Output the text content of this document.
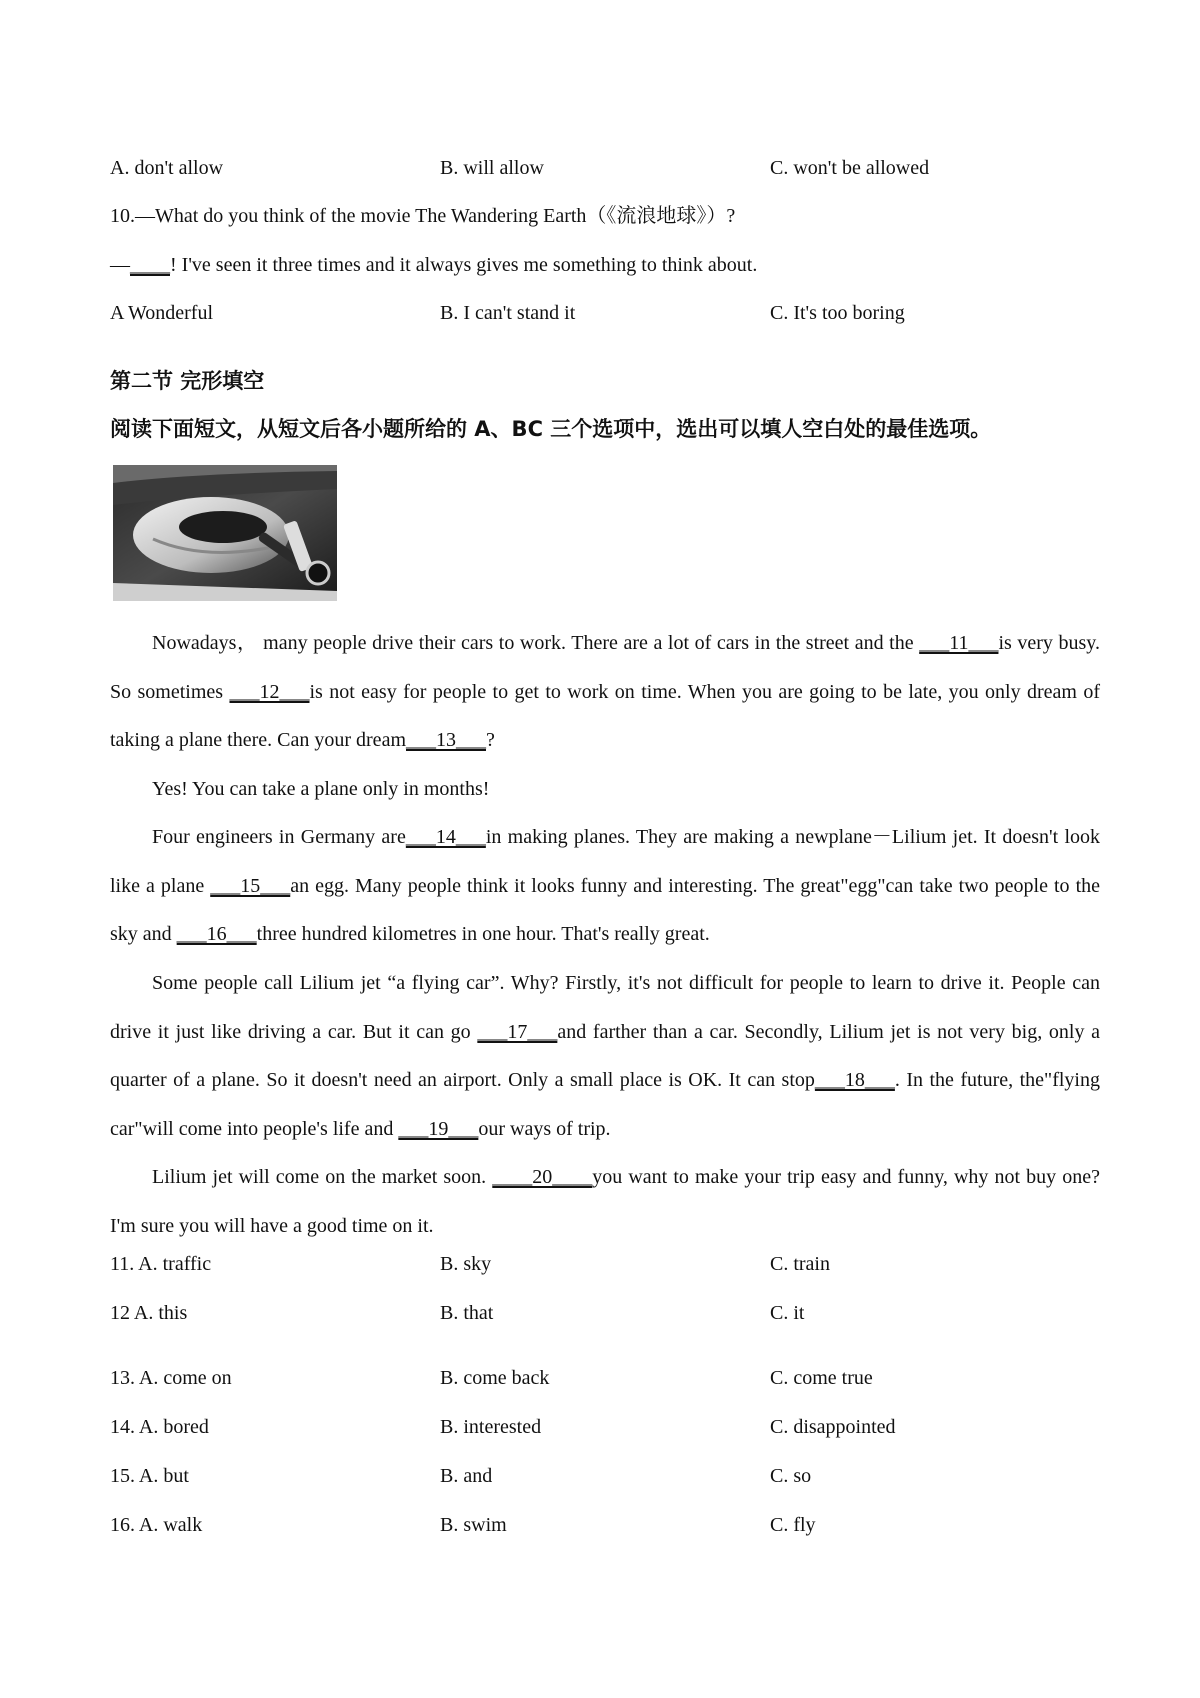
A. don't allow	B. will allow	C. won't be allowed
10.—What do you think of the movie The Wandering Earth（《流浪地球》）?
—____! I've seen it three times and it always gives me something to think about.
A Wonderful	B. I can't stand it	C. It's too boring
第二节 完形填空
阅读下面短文，从短文后各小题所给的 A、BC 三个选项中，选出可以填人空白处的最佳选项。
Nowadays， many people drive their cars to work. There are a lot of cars in the street and the ___11___is very busy. So sometimes ___12___is not easy for people to get to work on time. When you are going to be late, you only dream of taking a plane there. Can your dream___13___?
Yes! You can take a plane only in months!
Four engineers in Germany are___14___in making planes. They are making a newplane－Lilium jet. It doesn't look like a plane ___15___an egg. Many people think it looks funny and interesting. The great"egg"can take two people to the sky and ___16___three hundred kilometres in one hour. That's really great.
Some people call Lilium jet “a flying car”. Why? Firstly, it's not difficult for people to learn to drive it. People can drive it just like driving a car. But it can go ___17___and farther than a car. Secondly, Lilium jet is not very big, only a quarter of a plane. So it doesn't need an airport. Only a small place is OK. It can stop___18___. In the future, the"flying car"will come into people's life and ___19___our ways of trip.
Lilium jet will come on the market soon. ____20____you want to make your trip easy and funny, why not buy one? I'm sure you will have a good time on it.
11. A. traffic	B. sky	C. train
12 A. this	B. that	C. it
13. A. come on	B. come back	C. come true
14. A. bored	B. interested	C. disappointed
15. A. but	B. and	C. so
16. A. walk	B. swim	C. fly
